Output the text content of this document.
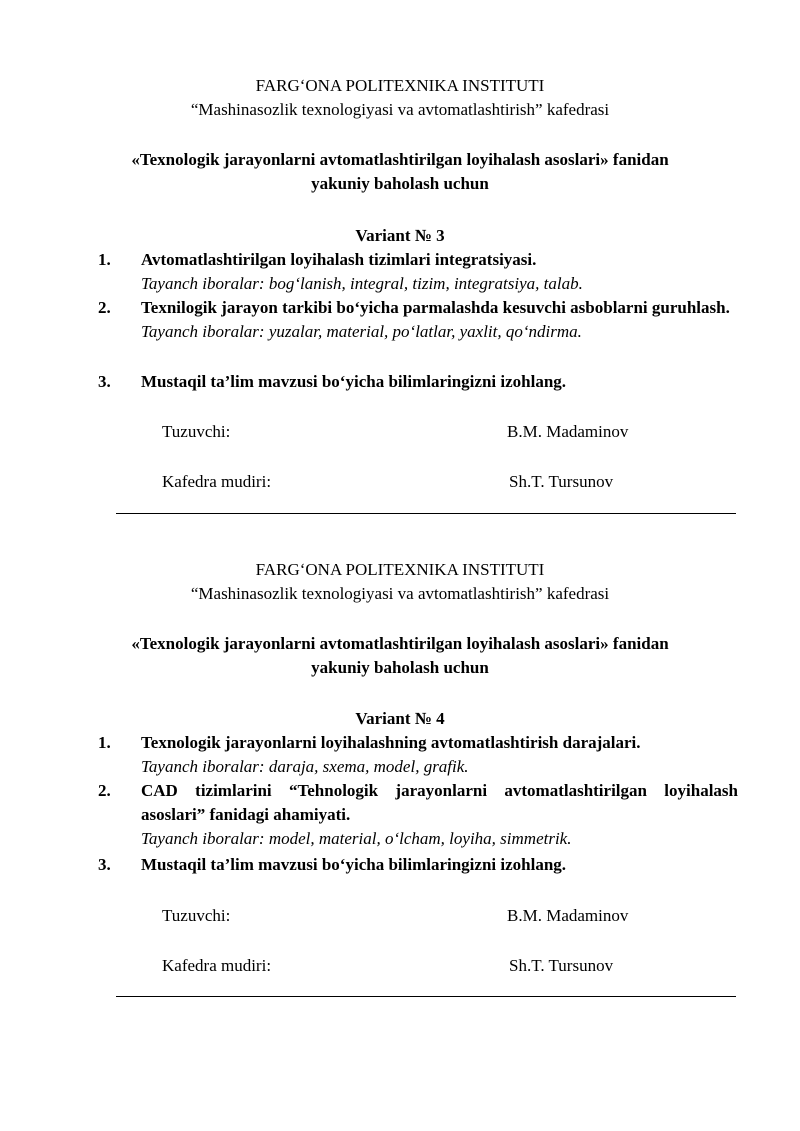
FARG‘ONA POLITEXNIKA INSTITUTI
“Mashinasozlik texnologiyasi va avtomatlashtirish” kafedrasi
«Texnologik jarayonlarni avtomatlashtirilgan loyihalash asoslari» fanidan
yakuniy baholash uchun
Variant № 3
1.	Avtomatlashtirilgan loyihalash tizimlari integratsiyasi.
Tayanch iboralar: bog‘lanish, integral, tizim, integratsiya, talab.
2.	Texnilogik jarayon tarkibi bo‘yicha parmalashda kesuvchi asboblarni guruhlash.
Tayanch iboralar: yuzalar, material, po‘latlar, yaxlit, qo‘ndirma.
3.	Mustaqil ta’lim mavzusi bo‘yicha bilimlaringizni izohlang.
Tuzuvchi:	B.M. Madaminov
Kafedra mudiri:	Sh.T. Tursunov
FARG‘ONA POLITEXNIKA INSTITUTI
“Mashinasozlik texnologiyasi va avtomatlashtirish” kafedrasi
«Texnologik jarayonlarni avtomatlashtirilgan loyihalash asoslari» fanidan
yakuniy baholash uchun
Variant № 4
1.	Texnologik jarayonlarni loyihalashning avtomatlashtirish darajalari.
Tayanch iboralar: daraja, sxema, model, grafik.
2.	CAD tizimlarini “Tehnologik jarayonlarni avtomatlashtirilgan loyihalash asoslari” fanidagi ahamiyati.
Tayanch iboralar: model, material, o‘lcham, loyiha, simmetrik.
3.	Mustaqil ta’lim mavzusi bo‘yicha bilimlaringizni izohlang.
Tuzuvchi:	B.M. Madaminov
Kafedra mudiri:	Sh.T. Tursunov
